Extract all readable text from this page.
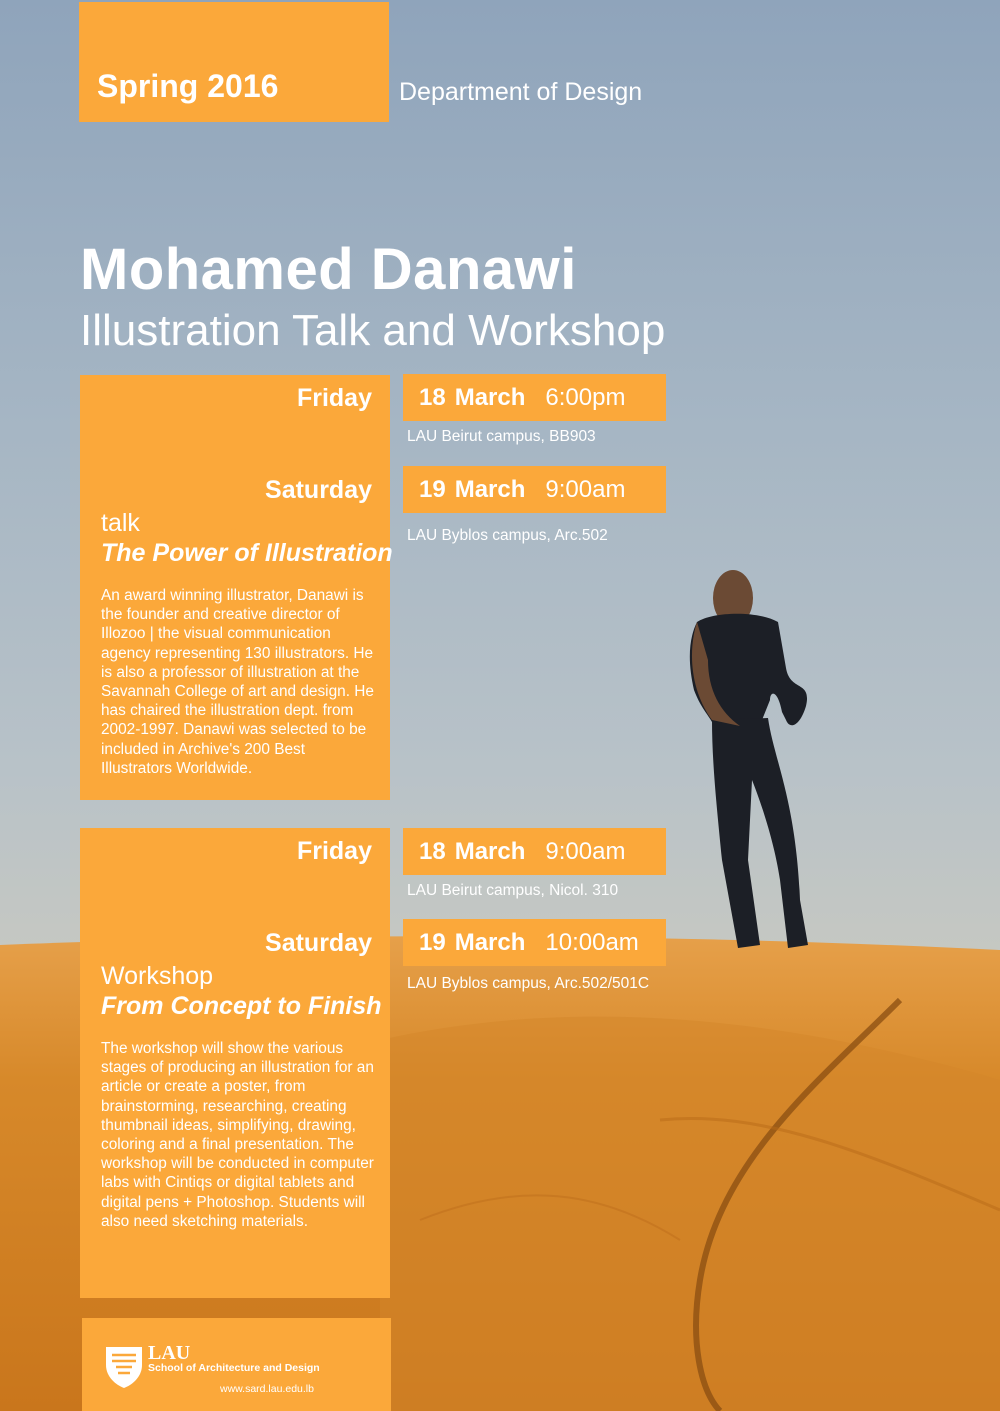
Spring 2016	Department of Design
Mohamed Danawi
Illustration Talk and Workshop
Friday
Saturday
talk
The Power of Illustration
An award winning illustrator, Danawi is the founder and creative director of Illozoo | the visual communication agency representing 130 illustrators. He is also a professor of illustration at the Savannah College of art and design. He has chaired the illustration dept. from 2002-1997. Danawi was selected to be included in Archive's 200 Best Illustrators Worldwide.
18 March 6:00pm
LAU Beirut campus, BB903
19 March 9:00am
LAU Byblos campus, Arc.502
Friday
Saturday
Workshop
From Concept to Finish
The workshop will show the various stages of producing an illustration for an article or create a poster, from brainstorming, researching, creating thumbnail ideas, simplifying, drawing, coloring and a final presentation. The workshop will be conducted in computer labs with Cintiqs or digital tablets and digital pens + Photoshop. Students will also need sketching materials.
18 March 9:00am
LAU Beirut campus, Nicol. 310
19 March 10:00am
LAU Byblos campus, Arc.502/501C
LAU
School of Architecture and Design
www.sard.lau.edu.lb
